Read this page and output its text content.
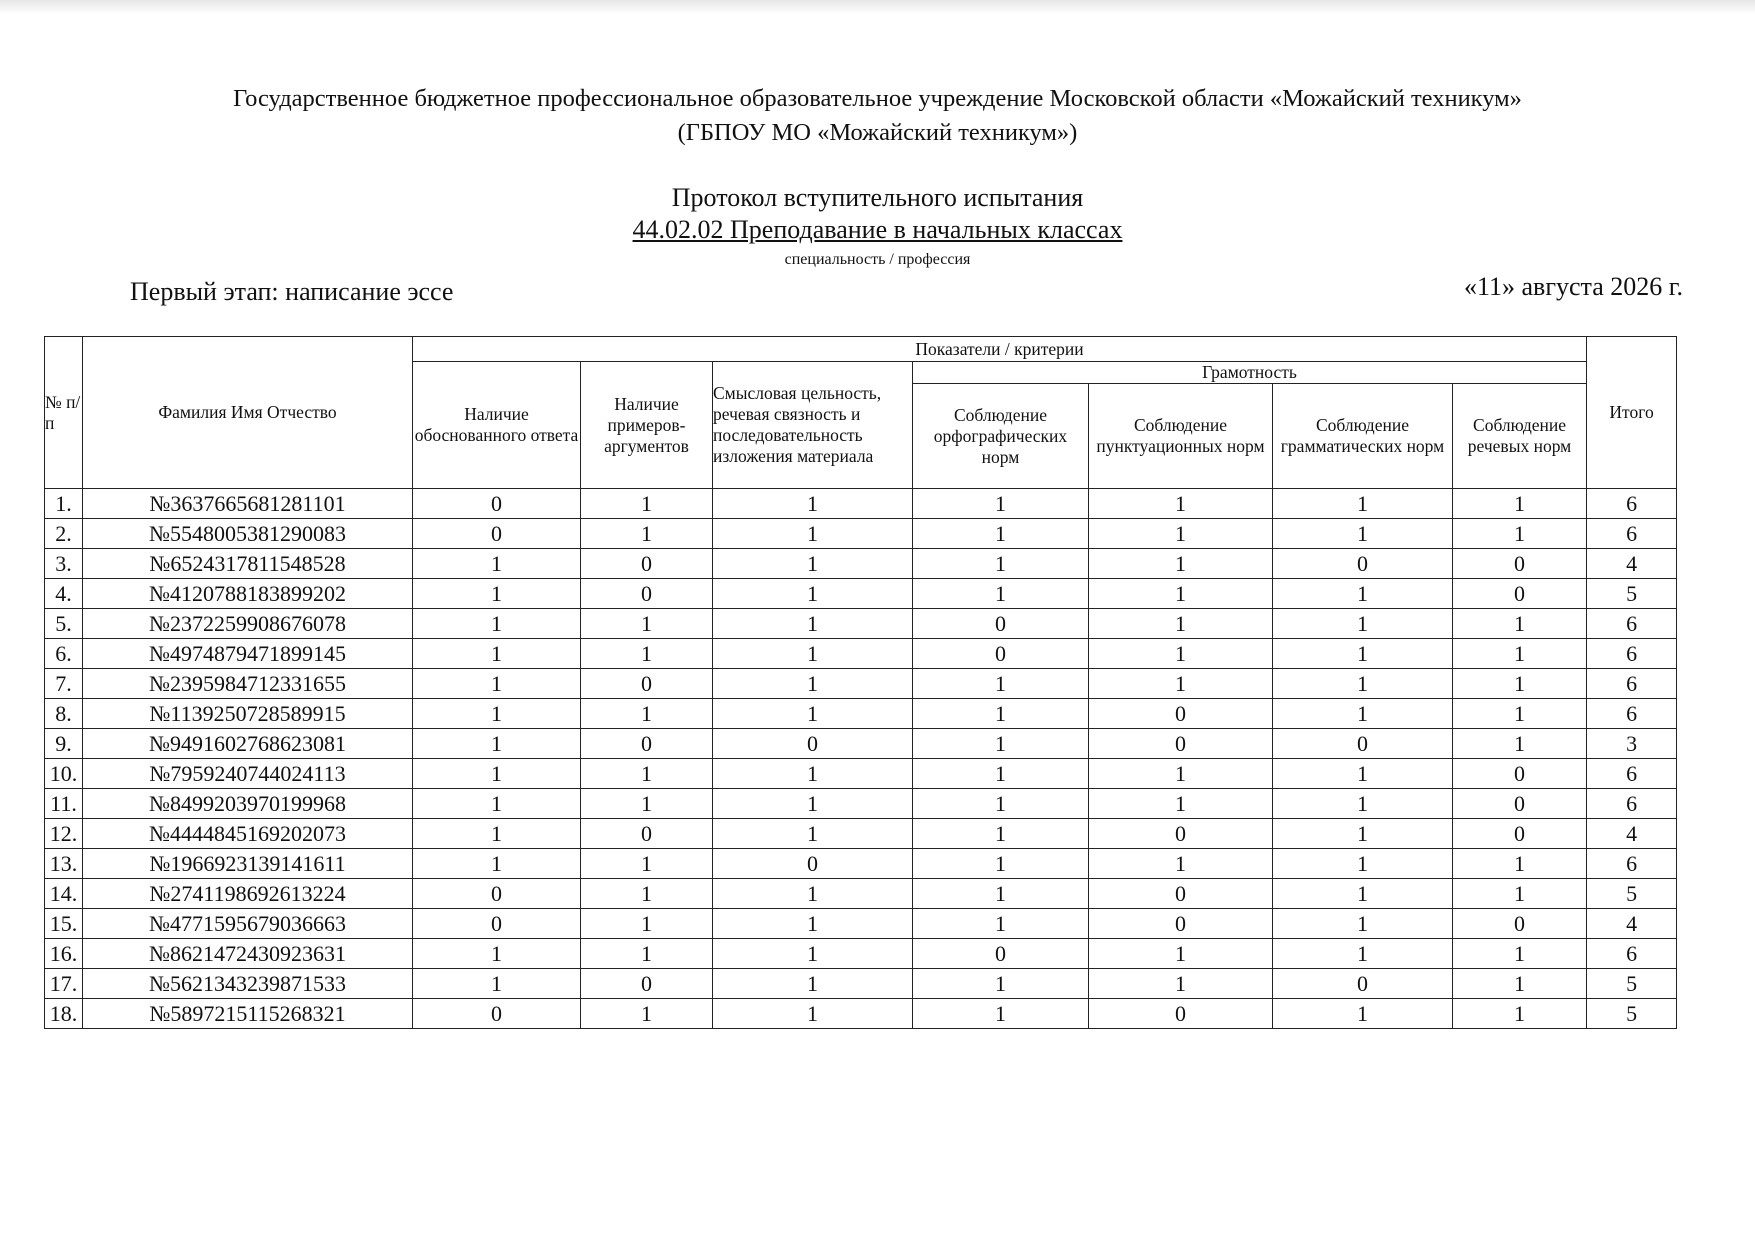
Государственное бюджетное профессиональное образовательное учреждение Московской области «Можайский техникум»
(ГБПОУ МО «Можайский техникум»)
Протокол вступительного испытания
44.02.02 Преподавание в начальных классах
специальность / профессия
Первый этап: написание эссе	«11» августа 2026 г.
№ п/ п	Фамилия Имя Отчество	Показатели / критерии							Итого
		Наличие обоснованного ответа	Наличие примеров-аргументов	Смысловая цельность, речевая связность и последовательность изложения материала	Грамотность				
					Соблюдение орфографических норм	Соблюдение пунктуационных норм	Соблюдение грамматических норм	Соблюдение речевых норм	
1.	№3637665681281101	0	1	1	1	1	1	1	6
2.	№5548005381290083	0	1	1	1	1	1	1	6
3.	№6524317811548528	1	0	1	1	1	0	0	4
4.	№4120788183899202	1	0	1	1	1	1	0	5
5.	№2372259908676078	1	1	1	0	1	1	1	6
6.	№4974879471899145	1	1	1	0	1	1	1	6
7.	№2395984712331655	1	0	1	1	1	1	1	6
8.	№1139250728589915	1	1	1	1	0	1	1	6
9.	№9491602768623081	1	0	0	1	0	0	1	3
10.	№7959240744024113	1	1	1	1	1	1	0	6
11.	№8499203970199968	1	1	1	1	1	1	0	6
12.	№4444845169202073	1	0	1	1	0	1	0	4
13.	№1966923139141611	1	1	0	1	1	1	1	6
14.	№2741198692613224	0	1	1	1	0	1	1	5
15.	№4771595679036663	0	1	1	1	0	1	0	4
16.	№8621472430923631	1	1	1	0	1	1	1	6
17.	№5621343239871533	1	0	1	1	1	0	1	5
18.	№5897215115268321	0	1	1	1	0	1	1	5
